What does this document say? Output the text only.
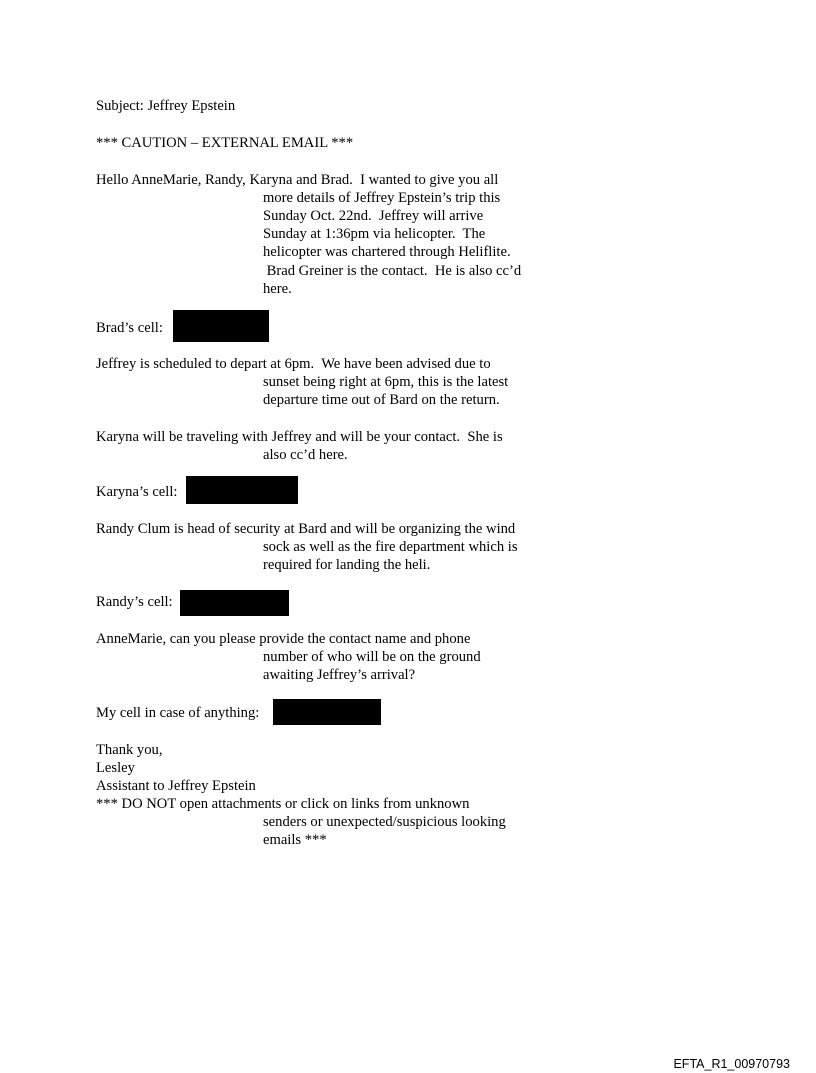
Subject: Jeffrey Epstein
*** CAUTION – EXTERNAL EMAIL ***
Hello AnneMarie, Randy, Karyna and Brad.  I wanted to give you all
more details of Jeffrey Epstein’s trip this
Sunday Oct. 22nd.  Jeffrey will arrive
Sunday at 1:36pm via helicopter.  The
helicopter was chartered through Heliflite.
Brad Greiner is the contact.  He is also cc’d
here.
Brad’s cell:
Jeffrey is scheduled to depart at 6pm.  We have been advised due to
sunset being right at 6pm, this is the latest
departure time out of Bard on the return.
Karyna will be traveling with Jeffrey and will be your contact.  She is
also cc’d here.
Karyna’s cell:
Randy Clum is head of security at Bard and will be organizing the wind
sock as well as the fire department which is
required for landing the heli.
Randy’s cell:
AnneMarie, can you please provide the contact name and phone
number of who will be on the ground
awaiting Jeffrey’s arrival?
My cell in case of anything:
Thank you,
Lesley
Assistant to Jeffrey Epstein
*** DO NOT open attachments or click on links from unknown
senders or unexpected/suspicious looking
emails ***
EFTA_R1_00970793
